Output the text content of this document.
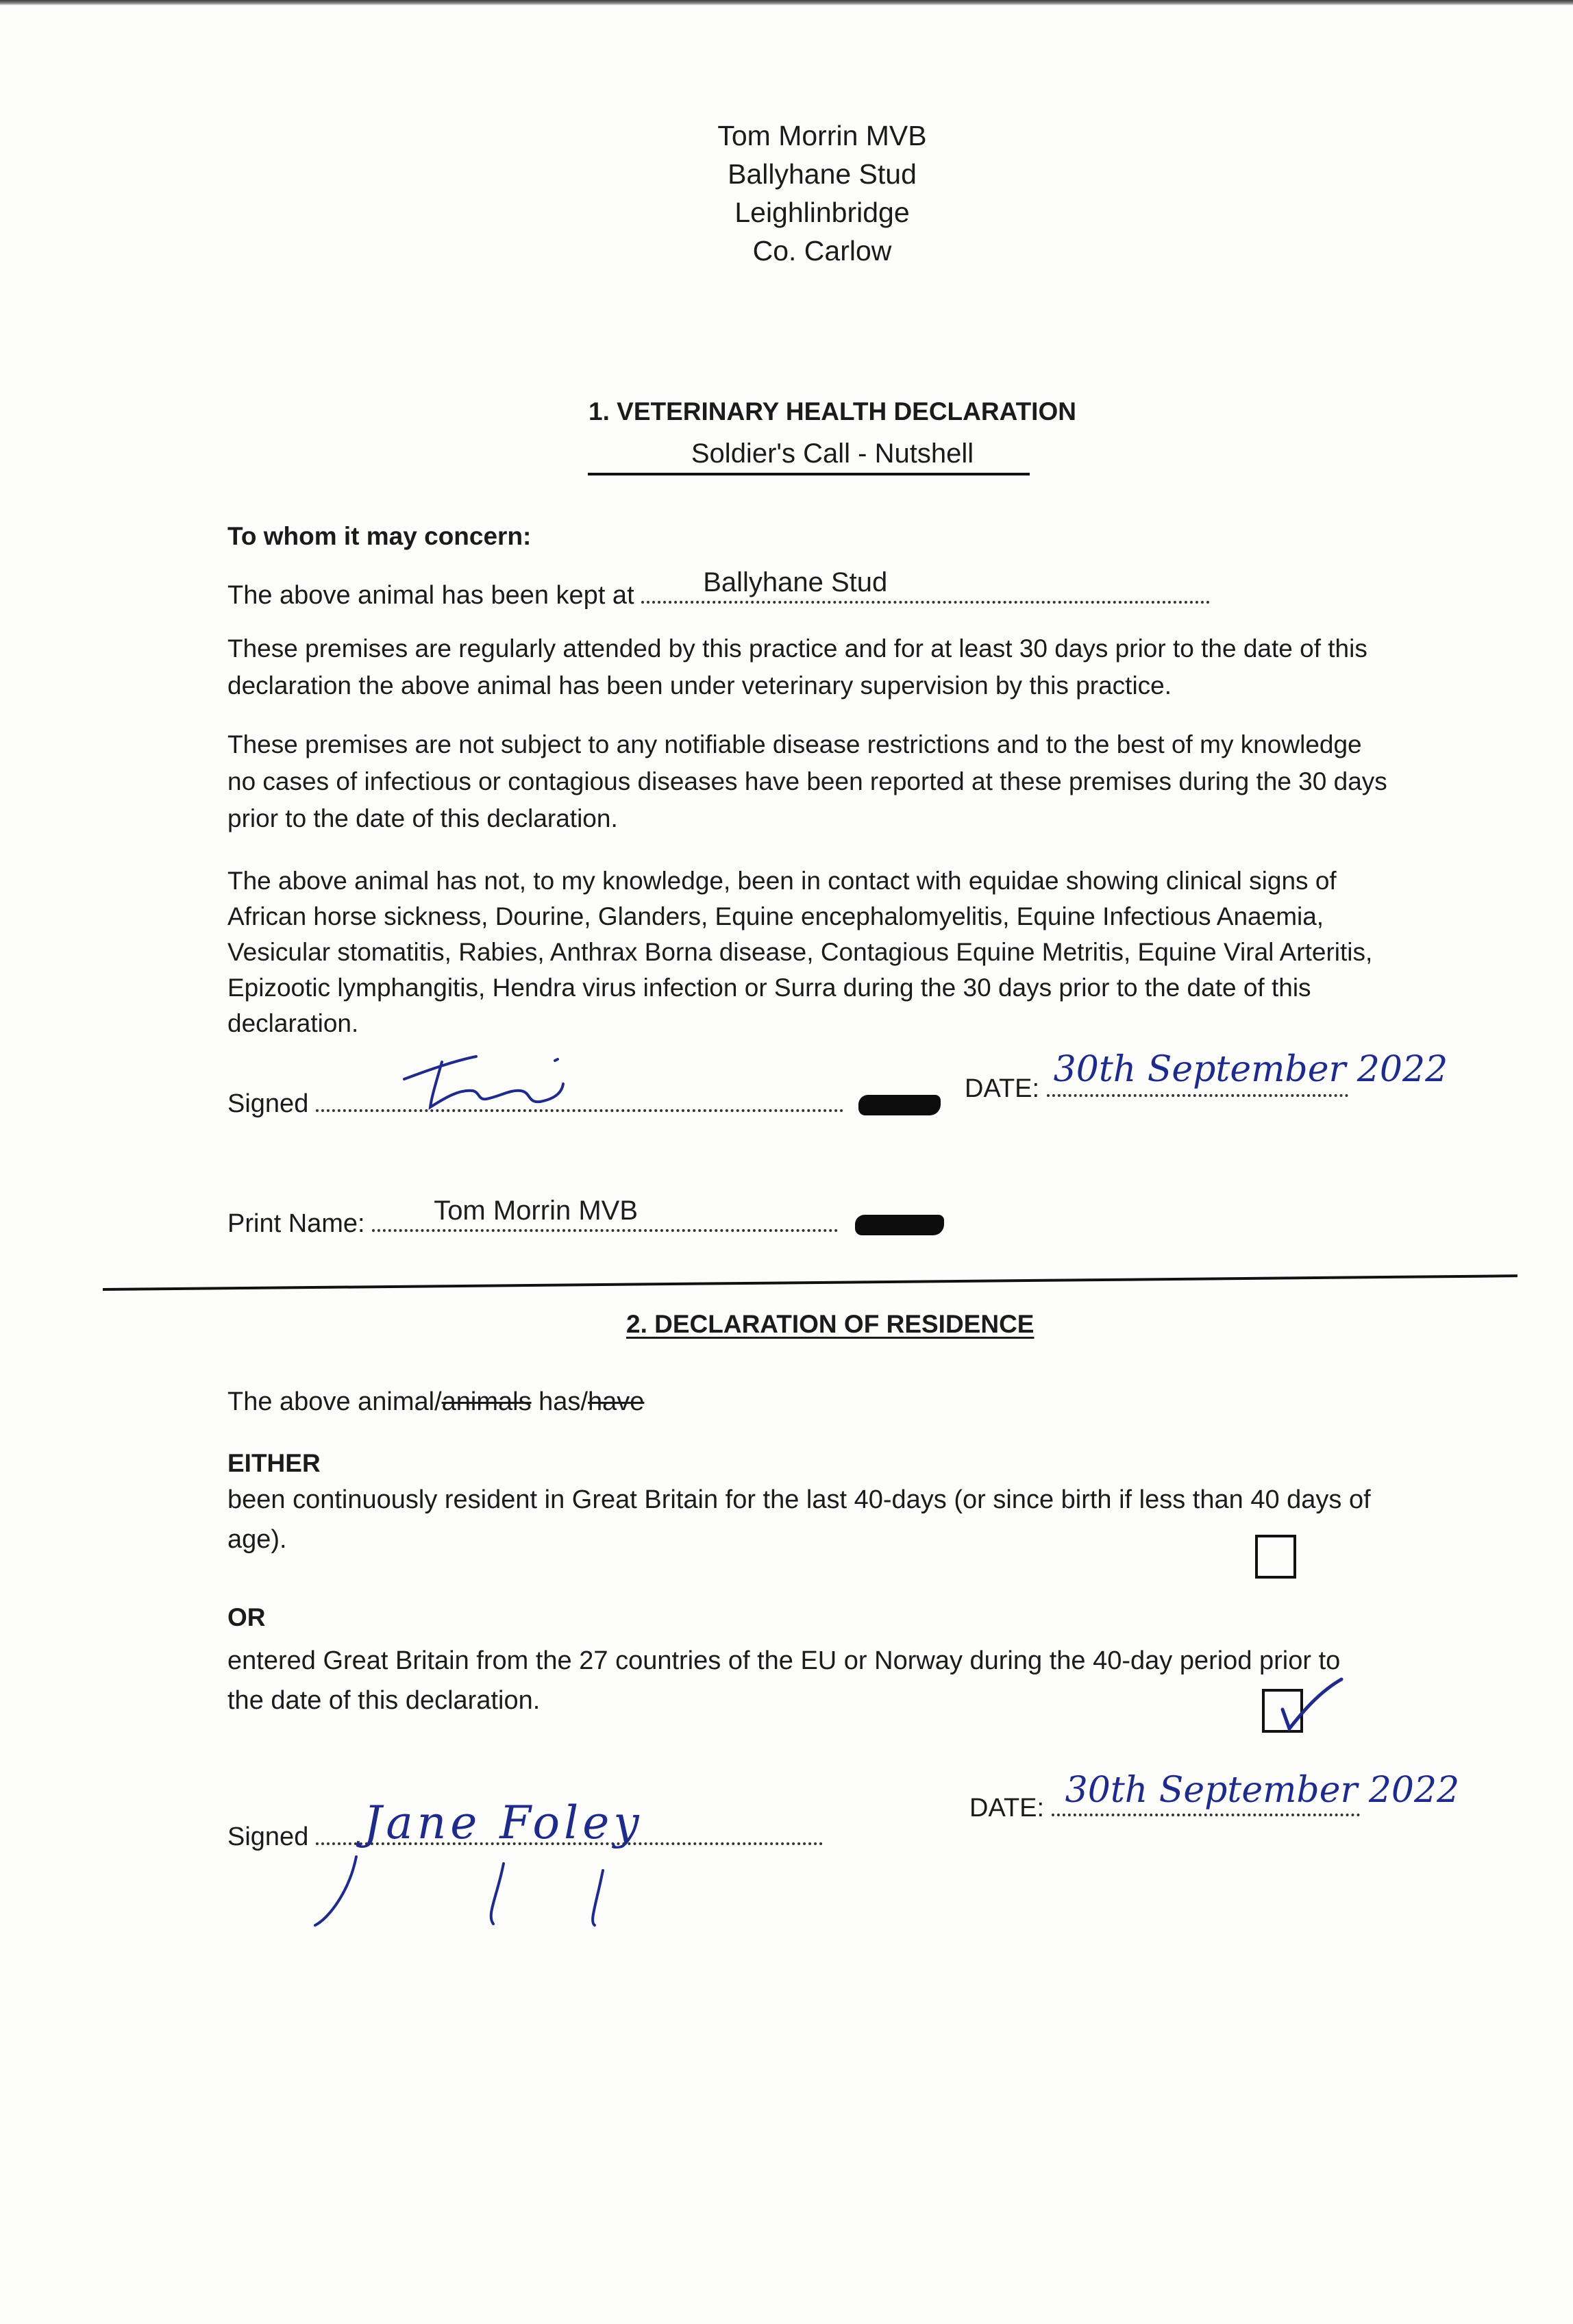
Tom Morrin MVB
Ballyhane Stud
Leighlinbridge
Co. Carlow
1. VETERINARY HEALTH DECLARATION
Soldier's Call - Nutshell
To whom it may concern:
The above animal has been kept at	Ballyhane Stud
These premises are regularly attended by this practice and for at least 30 days prior to the date of this declaration the above animal has been under veterinary supervision by this practice.
These premises are not subject to any notifiable disease restrictions and to the best of my knowledge no cases of infectious or contagious diseases have been reported at these premises during the 30 days prior to the date of this declaration.
The above animal has not, to my knowledge, been in contact with equidae showing clinical signs of African horse sickness, Dourine, Glanders, Equine encephalomyelitis, Equine Infectious Anaemia, Vesicular stomatitis, Rabies, Anthrax Borna disease, Contagious Equine Metritis, Equine Viral Arteritis, Epizootic lymphangitis, Hendra virus infection or Surra during the 30 days prior to the date of this declaration.
Signed
DATE: 30th September 2022
Print Name:	Tom Morrin MVB

2. DECLARATION OF RESIDENCE
The above animal/animals has/have
EITHER
been continuously resident in Great Britain for the last 40-days (or since birth if less than 40 days of age).
OR
entered Great Britain from the 27 countries of the EU or Norway during the 40-day period prior to the date of this declaration.
Signed Jane Foley	DATE: 30th September 2022
